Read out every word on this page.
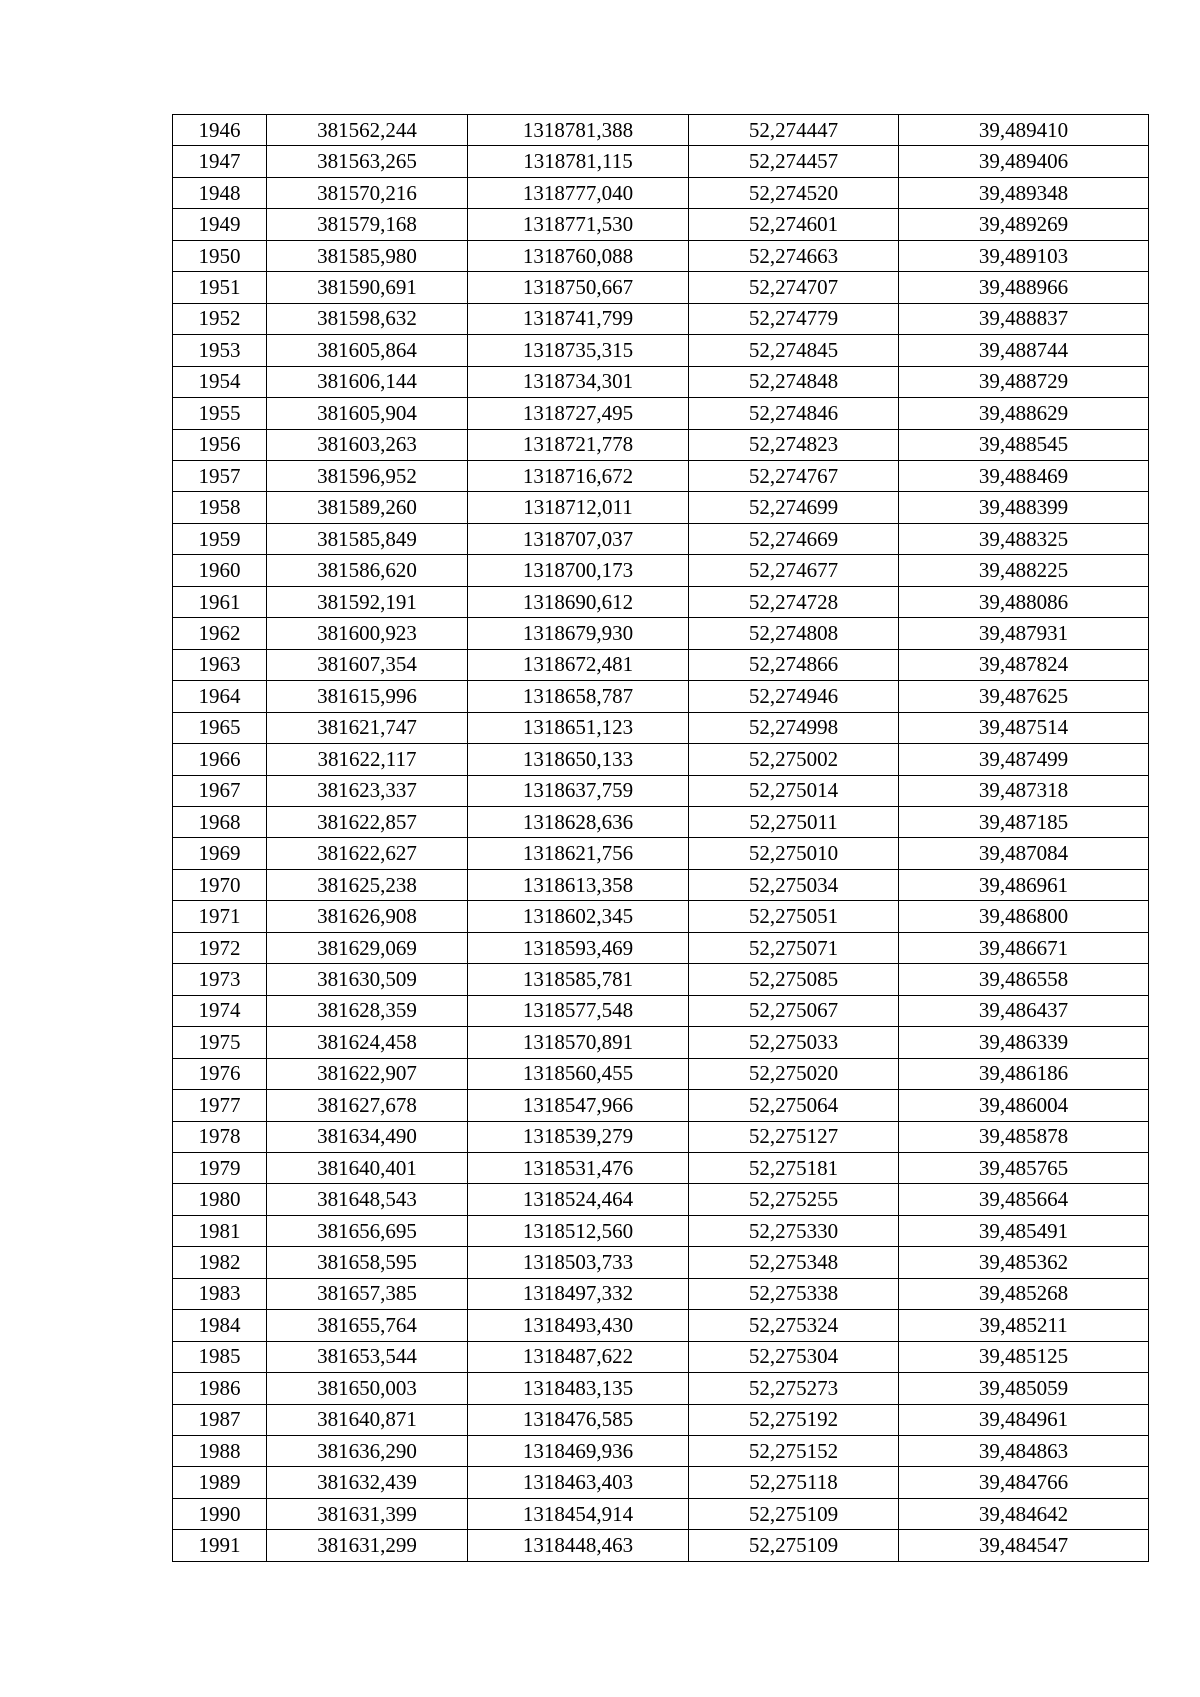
1946	381562,244	1318781,388	52,274447	39,489410
1947	381563,265	1318781,115	52,274457	39,489406
1948	381570,216	1318777,040	52,274520	39,489348
1949	381579,168	1318771,530	52,274601	39,489269
1950	381585,980	1318760,088	52,274663	39,489103
1951	381590,691	1318750,667	52,274707	39,488966
1952	381598,632	1318741,799	52,274779	39,488837
1953	381605,864	1318735,315	52,274845	39,488744
1954	381606,144	1318734,301	52,274848	39,488729
1955	381605,904	1318727,495	52,274846	39,488629
1956	381603,263	1318721,778	52,274823	39,488545
1957	381596,952	1318716,672	52,274767	39,488469
1958	381589,260	1318712,011	52,274699	39,488399
1959	381585,849	1318707,037	52,274669	39,488325
1960	381586,620	1318700,173	52,274677	39,488225
1961	381592,191	1318690,612	52,274728	39,488086
1962	381600,923	1318679,930	52,274808	39,487931
1963	381607,354	1318672,481	52,274866	39,487824
1964	381615,996	1318658,787	52,274946	39,487625
1965	381621,747	1318651,123	52,274998	39,487514
1966	381622,117	1318650,133	52,275002	39,487499
1967	381623,337	1318637,759	52,275014	39,487318
1968	381622,857	1318628,636	52,275011	39,487185
1969	381622,627	1318621,756	52,275010	39,487084
1970	381625,238	1318613,358	52,275034	39,486961
1971	381626,908	1318602,345	52,275051	39,486800
1972	381629,069	1318593,469	52,275071	39,486671
1973	381630,509	1318585,781	52,275085	39,486558
1974	381628,359	1318577,548	52,275067	39,486437
1975	381624,458	1318570,891	52,275033	39,486339
1976	381622,907	1318560,455	52,275020	39,486186
1977	381627,678	1318547,966	52,275064	39,486004
1978	381634,490	1318539,279	52,275127	39,485878
1979	381640,401	1318531,476	52,275181	39,485765
1980	381648,543	1318524,464	52,275255	39,485664
1981	381656,695	1318512,560	52,275330	39,485491
1982	381658,595	1318503,733	52,275348	39,485362
1983	381657,385	1318497,332	52,275338	39,485268
1984	381655,764	1318493,430	52,275324	39,485211
1985	381653,544	1318487,622	52,275304	39,485125
1986	381650,003	1318483,135	52,275273	39,485059
1987	381640,871	1318476,585	52,275192	39,484961
1988	381636,290	1318469,936	52,275152	39,484863
1989	381632,439	1318463,403	52,275118	39,484766
1990	381631,399	1318454,914	52,275109	39,484642
1991	381631,299	1318448,463	52,275109	39,484547
